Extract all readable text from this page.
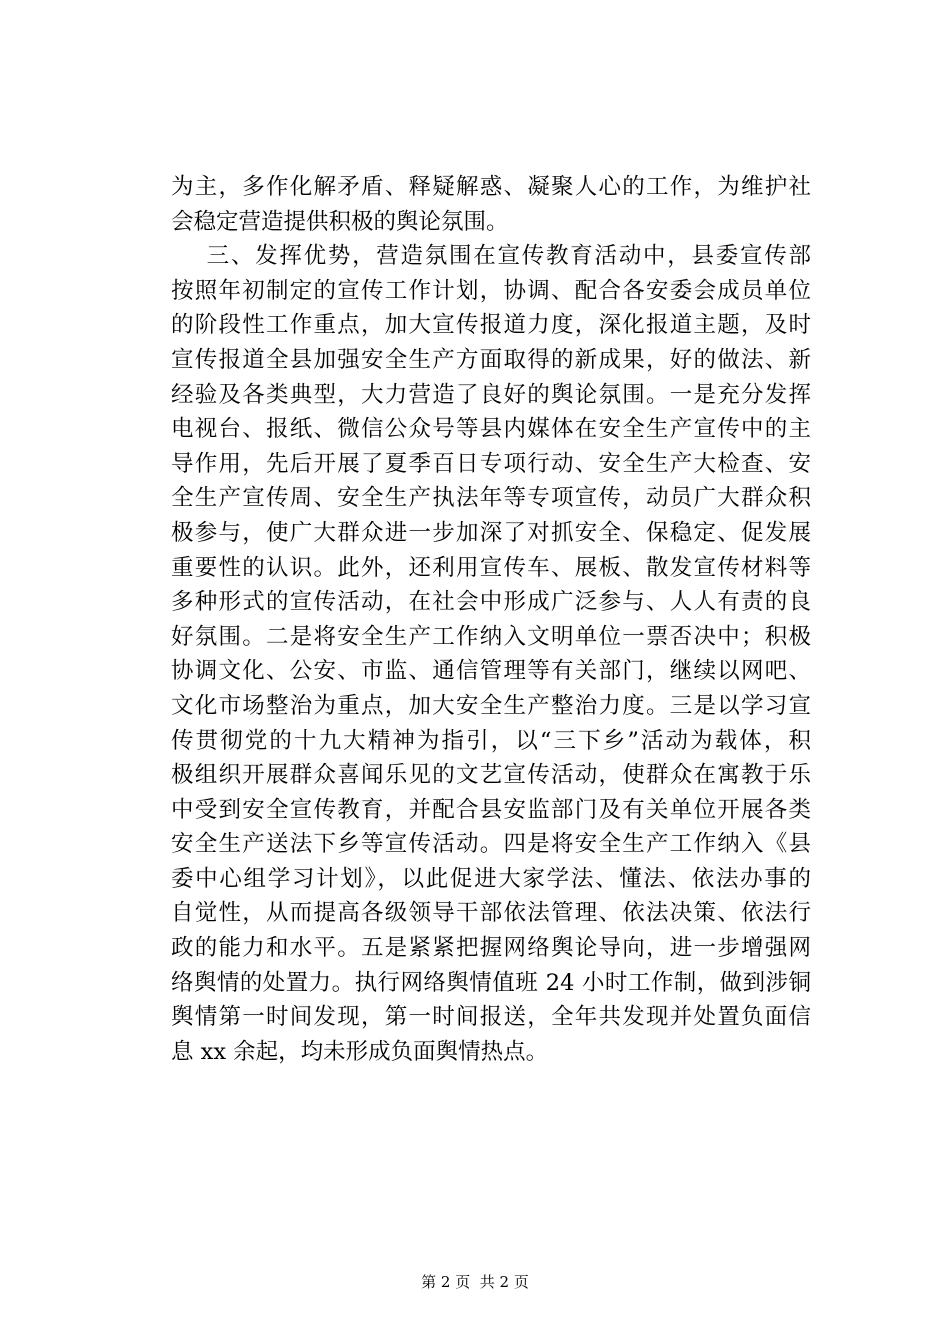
为主，多作化解矛盾、释疑解惑、凝聚人心的工作，为维护社
会稳定营造提供积极的舆论氛围。
三、发挥优势，营造氛围在宣传教育活动中，县委宣传部
按照年初制定的宣传工作计划，协调、配合各安委会成员单位
的阶段性工作重点，加大宣传报道力度，深化报道主题，及时
宣传报道全县加强安全生产方面取得的新成果，好的做法、新
经验及各类典型，大力营造了良好的舆论氛围。一是充分发挥
电视台、报纸、微信公众号等县内媒体在安全生产宣传中的主
导作用，先后开展了夏季百日专项行动、安全生产大检查、安
全生产宣传周、安全生产执法年等专项宣传，动员广大群众积
极参与，使广大群众进一步加深了对抓安全、保稳定、促发展
重要性的认识。此外，还利用宣传车、展板、散发宣传材料等
多种形式的宣传活动，在社会中形成广泛参与、人人有责的良
好氛围。二是将安全生产工作纳入文明单位一票否决中；积极
协调文化、公安、市监、通信管理等有关部门，继续以网吧、
文化市场整治为重点，加大安全生产整治力度。三是以学习宣
传贯彻党的十九大精神为指引，以“三下乡”活动为载体，积
极组织开展群众喜闻乐见的文艺宣传活动，使群众在寓教于乐
中受到安全宣传教育，并配合县安监部门及有关单位开展各类
安全生产送法下乡等宣传活动。四是将安全生产工作纳入《县
委中心组学习计划》，以此促进大家学法、懂法、依法办事的
自觉性，从而提高各级领导干部依法管理、依法决策、依法行
政的能力和水平。五是紧紧把握网络舆论导向，进一步增强网
络舆情的处置力。执行网络舆情值班 24 小时工作制，做到涉铜
舆情第一时间发现，第一时间报送，全年共发现并处置负面信
息 xx 余起，均未形成负面舆情热点。
第 2 页  共 2 页
